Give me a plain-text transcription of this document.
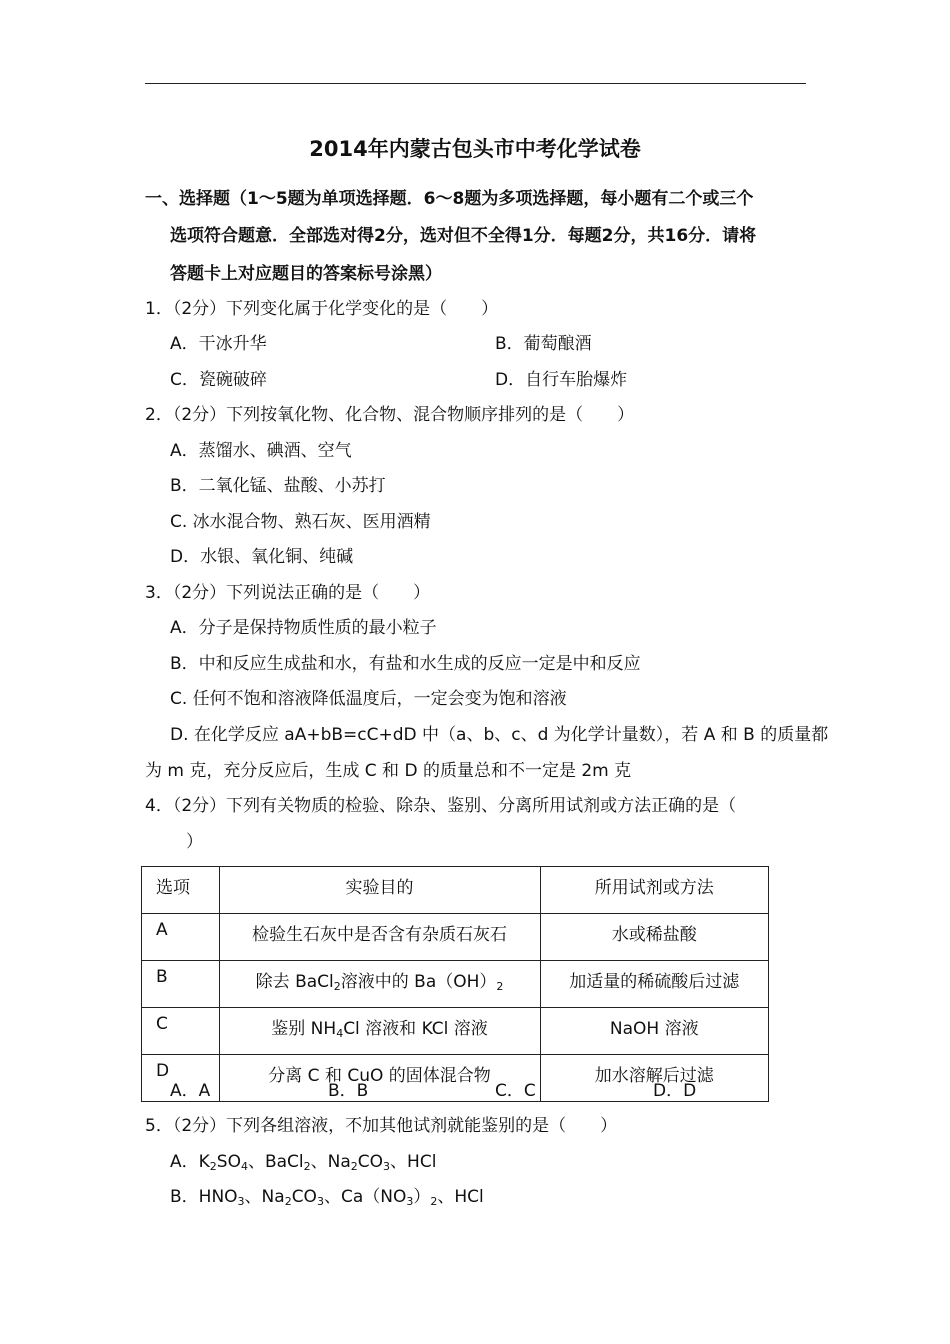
2014年内蒙古包头市中考化学试卷
一、选择题（1～5题为单项选择题．6～8题为多项选择题，每小题有二个或三个
选项符合题意．全部选对得2分，选对但不全得1分．每题2分，共16分．请将
答题卡上对应题目的答案标号涂黑）
1．（2分）下列变化属于化学变化的是（　　）
A．干冰升华	B．葡萄酿酒
C．瓷碗破碎	D．自行车胎爆炸
2．（2分）下列按氧化物、化合物、混合物顺序排列的是（　　）
A．蒸馏水、碘酒、空气
B．二氧化锰、盐酸、小苏打
C. 冰水混合物、熟石灰、医用酒精
D．水银、氧化铜、纯碱
3．（2分）下列说法正确的是（　　）
A．分子是保持物质性质的最小粒子
B．中和反应生成盐和水，有盐和水生成的反应一定是中和反应
C. 任何不饱和溶液降低温度后，一定会变为饱和溶液
D. 在化学反应 aA+bB=cC+dD 中（a、b、c、d 为化学计量数），若 A 和 B 的质量都
为 m 克，充分反应后，生成 C 和 D 的质量总和不一定是 2m 克
4．（2分）下列有关物质的检验、除杂、鉴别、分离所用试剂或方法正确的是（
）
选项	实验目的	所用试剂或方法
A	检验生石灰中是否含有杂质石灰石	水或稀盐酸
B	除去 BaCl$_2$溶液中的 $Ba(OH)_2$	加适量的稀硫酸后过滤
C	鉴别 $NH_4Cl$ 溶液和 KCl 溶液	NaOH 溶液
D	分离 C 和 CuO 的固体混合物	加水溶解后过滤
A．A	B．B	C．C	D．D
5．（2分）下列各组溶液，不加其他试剂就能鉴别的是（　　）
A．$K_2SO_4$、BaCl$_2$、$Na_2CO_3$、HCl
B．$HNO_3$、$Na_2CO_3$、$Ca(NO_3)_2$、HCl
